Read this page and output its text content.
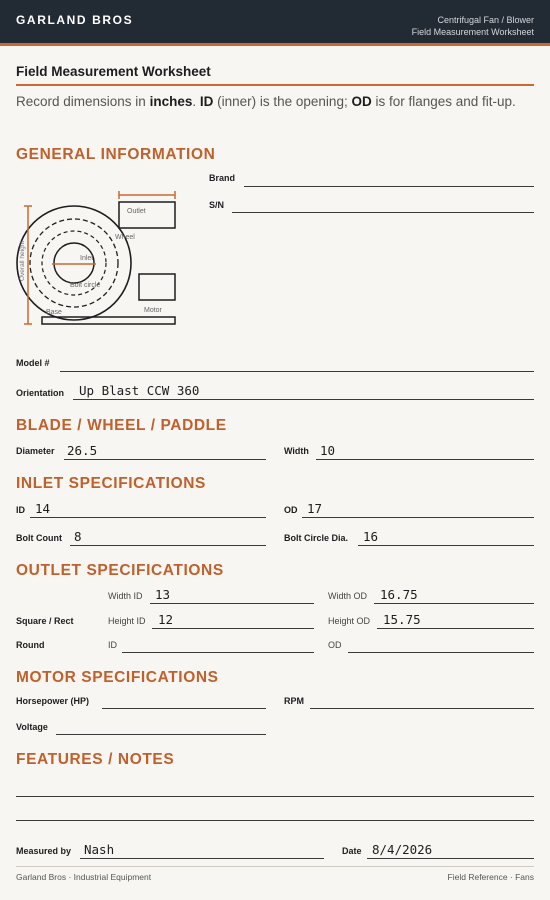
GARLAND BROS	Centrifugal Fan / Blower
Field Measurement Worksheet
Field Measurement Worksheet
Record dimensions in inches. ID (inner) is the opening; OD is for flanges and fit-up.
GENERAL INFORMATION
Outlet
Wheel
Inlet
Bolt circle
Overall height
Motor
Base
Brand
S/N
Model #
Orientation Up Blast CCW 360
BLADE / WHEEL / PADDLE
Diameter 26.5	Width 10
INLET SPECIFICATIONS
ID 14	OD 17
Bolt Count 8	Bolt Circle Dia. 16
OUTLET SPECIFICATIONS
Width ID 13	Width OD 16.75
Square / Rect	Height ID 12	Height OD 15.75
Round	ID	OD
MOTOR SPECIFICATIONS
Horsepower (HP)	RPM
Voltage
FEATURES / NOTES
Measured by Nash	Date 8/4/2026
Garland Bros · Industrial Equipment	Field Reference · Fans
